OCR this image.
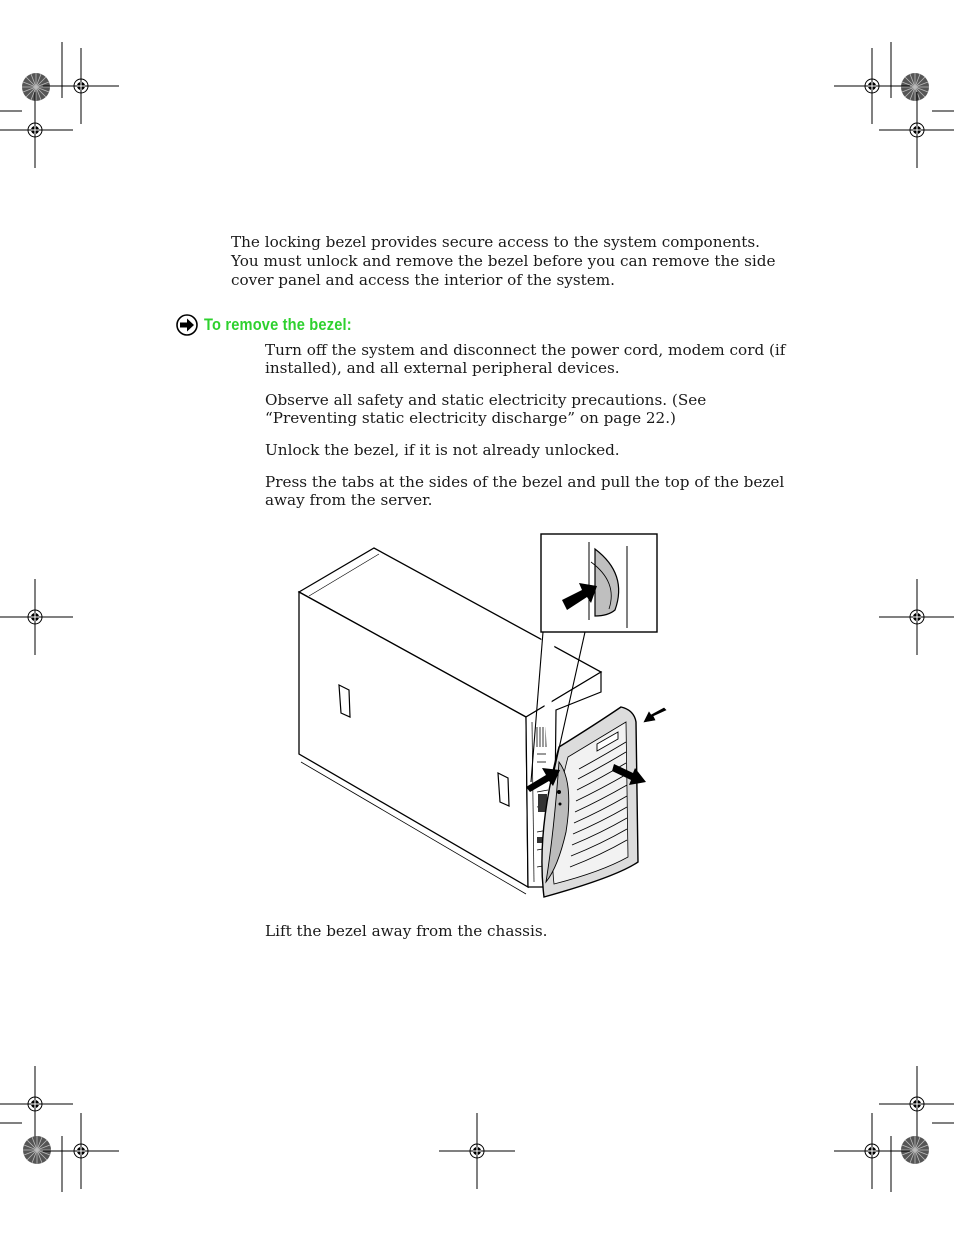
The locking bezel provides secure access to the system components. You must unlock and remove the bezel before you can remove the side cover panel and access the interior of the system.

To remove the bezel:
Turn off the system and disconnect the power cord, modem cord (if installed), and all external peripheral devices.
Observe all safety and static electricity precautions. (See “Preventing static electricity discharge” on page 22.)
Unlock the bezel, if it is not already unlocked.
Press the tabs at the sides of the bezel and pull the top of the bezel away from the server.

Lift the bezel away from the chassis.
